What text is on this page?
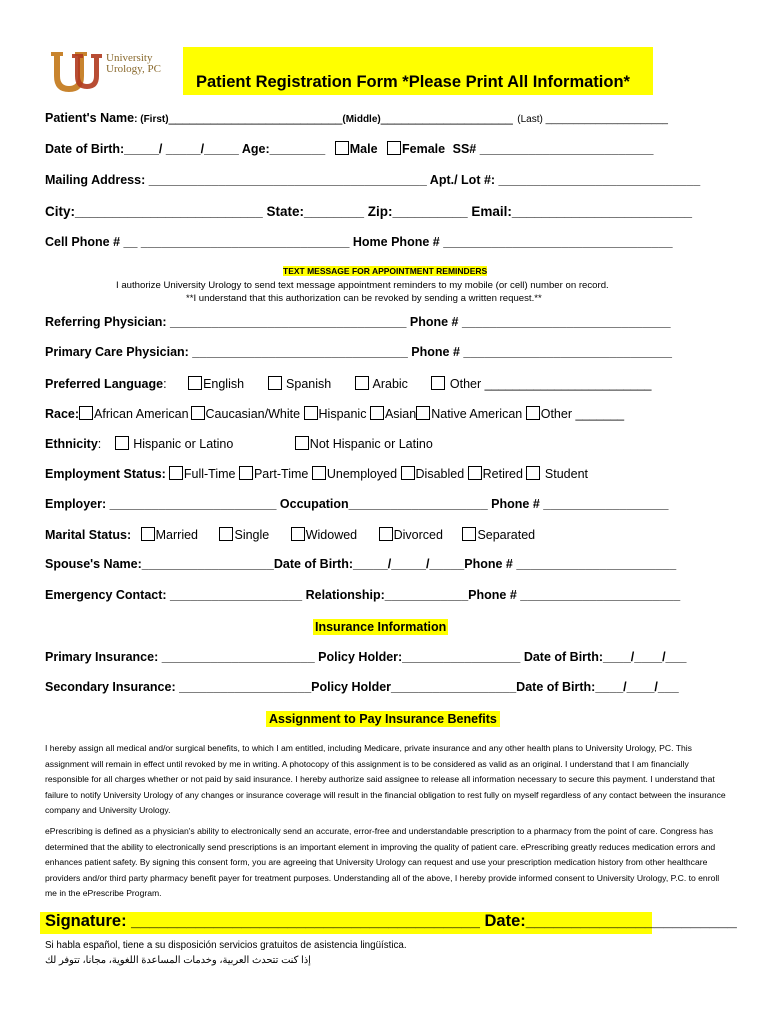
University
Urology, PC
Patient Registration Form *Please Print All Information*
Patient's Name: (First)_________________________(Middle)___________________ (Last) ______________________
Date of Birth:_____/ _____/_____ Age:________ Male Female SS# _________________________
Mailing Address: ________________________________________ Apt./ Lot #: _____________________________
City:_________________________ State:________ Zip:__________ Email:________________________
Cell Phone # __ ______________________________ Home Phone # _________________________________
TEXT MESSAGE FOR APPOINTMENT REMINDERS
I authorize University Urology to send text message appointment reminders to my mobile (or cell) number on record.
**I understand that this authorization can be revoked by sending a written request.**
Referring Physician: __________________________________ Phone # ______________________________
Primary Care Physician: _______________________________ Phone # ______________________________
Preferred Language:	English	Spanish	Arabic	Other ________________________
Race: African American Caucasian/White Hispanic Asian Native American Other _______
Ethnicity:	Hispanic or Latino	Not Hispanic or Latino
Employment Status: Full-Time Part-Time Unemployed Disabled Retired Student
Employer: ________________________ Occupation____________________ Phone # __________________
Marital Status: Married	Single	Widowed	Divorced	Separated
Spouse's Name:___________________Date of Birth:_____/_____/_____Phone # _______________________
Emergency Contact: ___________________ Relationship:____________Phone # _______________________
Insurance Information
Primary Insurance: ______________________ Policy Holder:_________________ Date of Birth:____/____/___
Secondary Insurance: ___________________Policy Holder__________________Date of Birth:____/____/___
Assignment to Pay Insurance Benefits
I hereby assign all medical and/or surgical benefits, to which I am entitled, including Medicare, private insurance and any other health plans to University Urology, PC. This assignment will remain in effect until revoked by me in writing. A photocopy of this assignment is to be considered as valid as an original. I understand that I am financially responsible for all charges whether or not paid by said insurance. I hereby authorize said assignee to release all information necessary to secure this payment. I understand that failure to notify University Urology of any changes or insurance coverage will result in the financial obligation to rest fully on myself regardless of any contact between the insurance company and University Urology.
ePrescribing is defined as a physician's ability to electronically send an accurate, error-free and understandable prescription to a pharmacy from the point of care. Congress has determined that the ability to electronically send prescriptions is an important element in improving the quality of patient care. ePrescribing greatly reduces medication errors and enhances patient safety. By signing this consent form, you are agreeing that University Urology can request and use your prescription medication history from other healthcare providers and/or third party pharmacy benefit payer for treatment purposes. Understanding all of the above, I hereby provide informed consent to University Urology, P.C. to enroll me in the ePrescribe Program.
Signature: ______________________________________ Date:_______________________
Si habla español, tiene a su disposición servicios gratuitos de asistencia lingüística.
إذا كنت تتحدث العربية، وخدمات المساعدة اللغوية، مجانا، تتوفر لك
